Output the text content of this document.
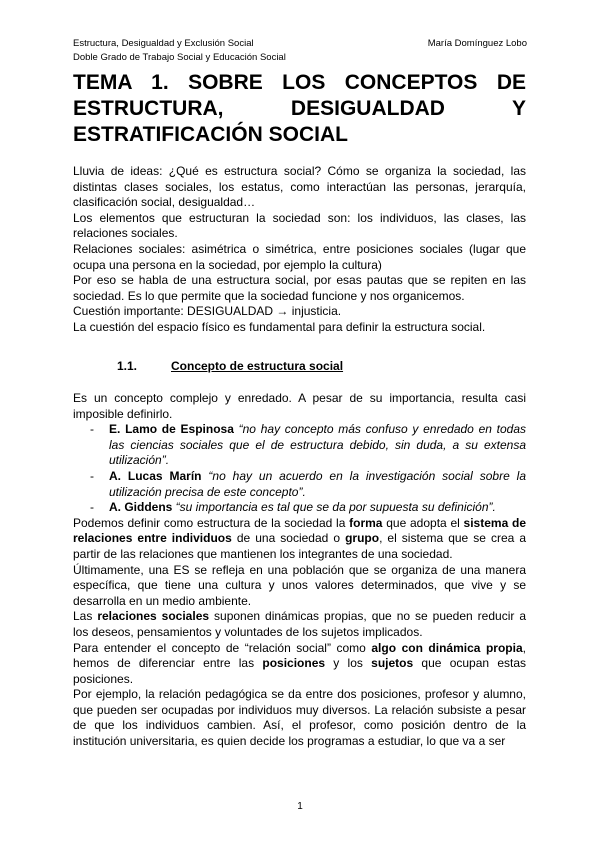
Estructura, Desigualdad y Exclusión Social
Doble Grado de Trabajo Social y Educación Social
María Domínguez Lobo
TEMA 1. SOBRE LOS CONCEPTOS DE
ESTRUCTURA, DESIGUALDAD Y
ESTRATIFICACIÓN SOCIAL

Lluvia de ideas: ¿Qué es estructura social? Cómo se organiza la sociedad, las distintas clases sociales, los estatus, como interactúan las personas, jerarquía, clasificación social, desigualdad…

Los elementos que estructuran la sociedad son: los individuos, las clases, las relaciones sociales.

Relaciones sociales: asimétrica o simétrica, entre posiciones sociales (lugar que ocupa una persona en la sociedad, por ejemplo la cultura)

Por eso se habla de una estructura social, por esas pautas que se repiten en las sociedad. Es lo que permite que la sociedad funcione y nos organicemos.

Cuestión importante: DESIGUALDAD → injusticia.

La cuestión del espacio físico es fundamental para definir la estructura social.

1.1.	Concepto de estructura social

Es un concepto complejo y enredado. A pesar de su importancia, resulta casi imposible definirlo.

- E. Lamo de Espinosa “no hay concepto más confuso y enredado en todas las ciencias sociales que el de estructura debido, sin duda, a su extensa utilización”.
- A. Lucas Marín “no hay un acuerdo en la investigación social sobre la utilización precisa de este concepto”.
- A. Giddens “su importancia es tal que se da por supuesta su definición”.

Podemos definir como estructura de la sociedad la forma que adopta el sistema de relaciones entre individuos de una sociedad o grupo, el sistema que se crea a partir de las relaciones que mantienen los integrantes de una sociedad.

Últimamente, una ES se refleja en una población que se organiza de una manera específica, que tiene una cultura y unos valores determinados, que vive y se desarrolla en un medio ambiente.

Las relaciones sociales suponen dinámicas propias, que no se pueden reducir a los deseos, pensamientos y voluntades de los sujetos implicados.

Para entender el concepto de “relación social” como algo con dinámica propia, hemos de diferenciar entre las posiciones y los sujetos que ocupan estas posiciones.

Por ejemplo, la relación pedagógica se da entre dos posiciones, profesor y alumno, que pueden ser ocupadas por individuos muy diversos. La relación subsiste a pesar de que los individuos cambien. Así, el profesor, como posición dentro de la institución universitaria, es quien decide los programas a estudiar, lo que va a ser

1
